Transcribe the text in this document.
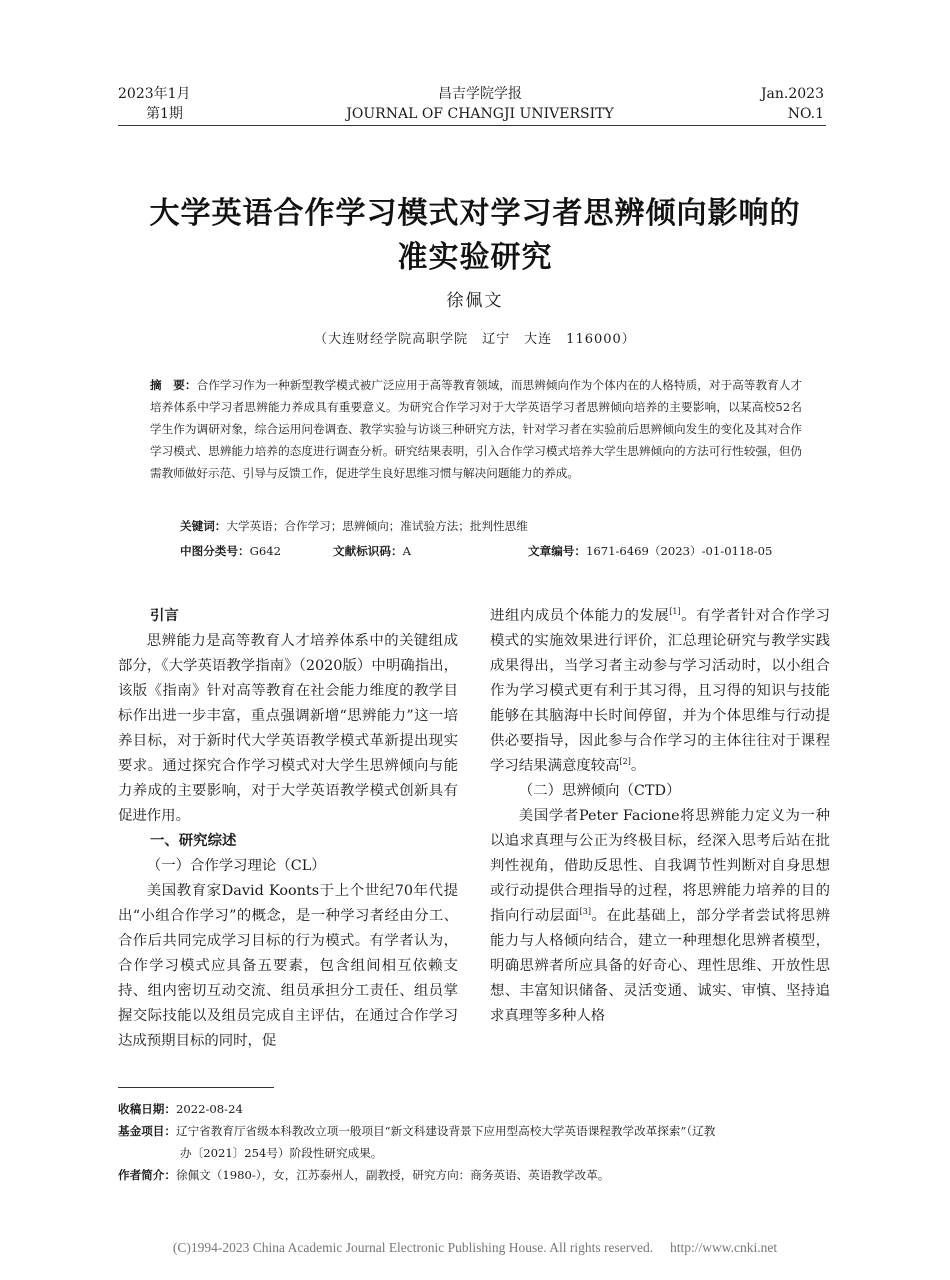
2023年1月
第1期
昌吉学院学报
JOURNAL OF CHANGJI UNIVERSITY
Jan.2023
NO.1
大学英语合作学习模式对学习者思辨倾向影响的
准实验研究
徐佩文
（大连财经学院高职学院　辽宁　大连　116000）
摘　要：合作学习作为一种新型教学模式被广泛应用于高等教育领域，而思辨倾向作为个体内在的人格特质，对于高等教育人才培养体系中学习者思辨能力养成具有重要意义。为研究合作学习对于大学英语学习者思辨倾向培养的主要影响，以某高校52名学生作为调研对象，综合运用问卷调查、教学实验与访谈三种研究方法，针对学习者在实验前后思辨倾向发生的变化及其对合作学习模式、思辨能力培养的态度进行调查分析。研究结果表明，引入合作学习模式培养大学生思辨倾向的方法可行性较强，但仍需教师做好示范、引导与反馈工作，促进学生良好思维习惯与解决问题能力的养成。
关键词：大学英语；合作学习；思辨倾向；准试验方法；批判性思维
中图分类号：G642	文献标识码：A	文章编号：1671-6469（2023）-01-0118-05

引言

思辨能力是高等教育人才培养体系中的关键组成部分，《大学英语教学指南》（2020版）中明确指出，该版《指南》针对高等教育在社会能力维度的教学目标作出进一步丰富，重点强调新增“思辨能力”这一培养目标，对于新时代大学英语教学模式革新提出现实要求。通过探究合作学习模式对大学生思辨倾向与能力养成的主要影响，对于大学英语教学模式创新具有促进作用。

一、研究综述

（一）合作学习理论（CL）

美国教育家David Koonts于上个世纪70年代提出“小组合作学习”的概念，是一种学习者经由分工、合作后共同完成学习目标的行为模式。有学者认为，合作学习模式应具备五要素，包含组间相互依赖支持、组内密切互动交流、组员承担分工责任、组员掌握交际技能以及组员完成自主评估，在通过合作学习达成预期目标的同时，促

进组内成员个体能力的发展[1]。有学者针对合作学习模式的实施效果进行评价，汇总理论研究与教学实践成果得出，当学习者主动参与学习活动时，以小组合作为学习模式更有利于其习得，且习得的知识与技能能够在其脑海中长时间停留，并为个体思维与行动提供必要指导，因此参与合作学习的主体往往对于课程学习结果满意度较高[2]。

（二）思辨倾向（CTD）

美国学者Peter Facione将思辨能力定义为一种以追求真理与公正为终极目标，经深入思考后站在批判性视角，借助反思性、自我调节性判断对自身思想或行动提供合理指导的过程，将思辨能力培养的目的指向行动层面[3]。在此基础上，部分学者尝试将思辨能力与人格倾向结合，建立一种理想化思辨者模型，明确思辨者所应具备的好奇心、理性思维、开放性思想、丰富知识储备、灵活变通、诚实、审慎、坚持追求真理等多种人格

收稿日期：2022-08-24
基金项目：辽宁省教育厅省级本科教改立项一般项目“新文科建设背景下应用型高校大学英语课程教学改革探索”（辽教
办〔2021〕254号）阶段性研究成果。
作者简介：徐佩文（1980-），女，江苏泰州人，副教授，研究方向：商务英语、英语教学改革。
(C)1994-2023 China Academic Journal Electronic Publishing House. All rights reserved.　 http://www.cnki.net
